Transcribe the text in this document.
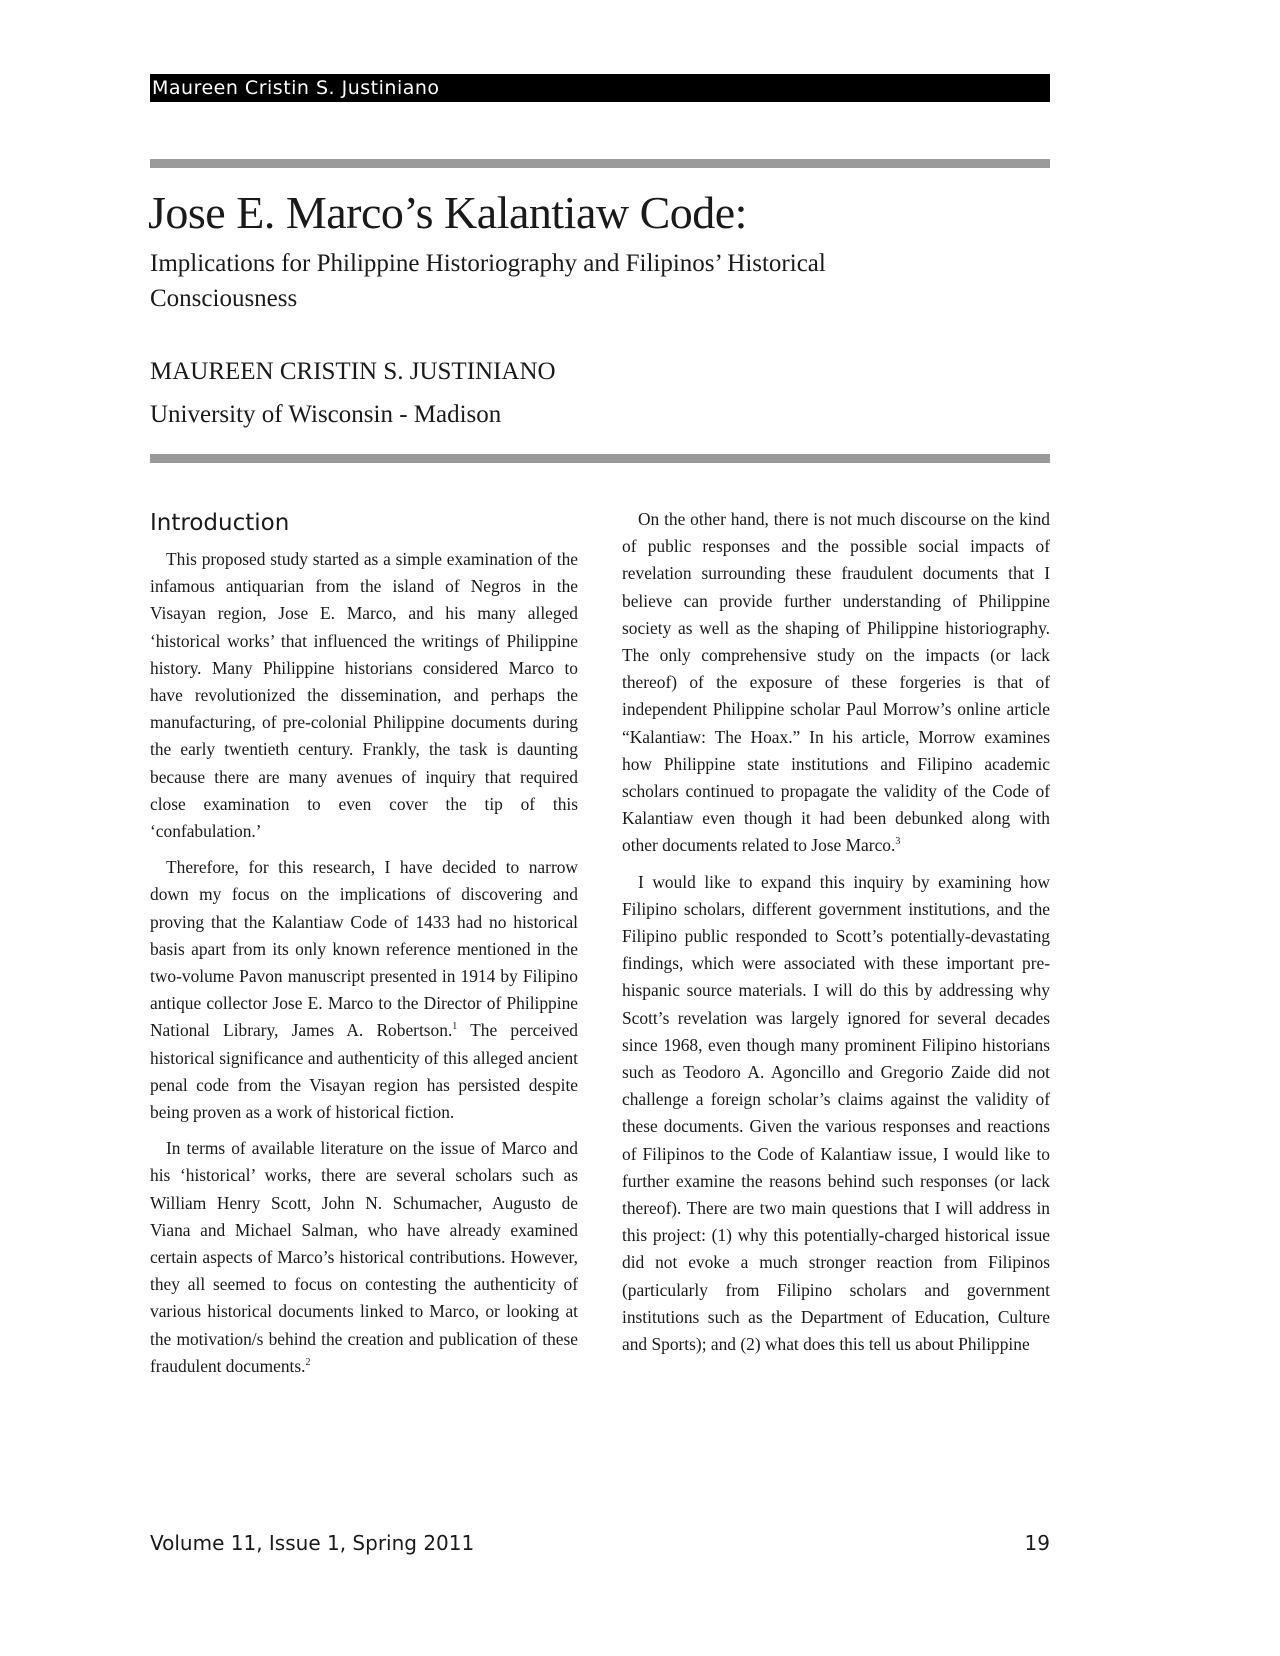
Maureen Cristin S. Justiniano
Jose E. Marco’s Kalantiaw Code:
Implications for Philippine Historiography and Filipinos’ Historical Consciousness
MAUREEN CRISTIN S. JUSTINIANO
University of Wisconsin - Madison
Introduction

This proposed study started as a simple examination of the infamous antiquarian from the island of Negros in the Visayan region, Jose E. Marco, and his many alleged ‘historical works’ that influenced the writings of Philippine history. Many Philippine historians considered Marco to have revolutionized the dissemination, and perhaps the manufacturing, of pre-colonial Philippine documents during the early twentieth century. Frankly, the task is daunting because there are many avenues of inquiry that required close examination to even cover the tip of this ‘confabulation.’

Therefore, for this research, I have decided to narrow down my focus on the implications of discovering and proving that the Kalantiaw Code of 1433 had no historical basis apart from its only known reference mentioned in the two-volume Pavon manuscript presented in 1914 by Filipino antique collector Jose E. Marco to the Director of Philippine National Library, James A. Robertson.$^1$ The perceived historical significance and authenticity of this alleged ancient penal code from the Visayan region has persisted despite being proven as a work of historical fiction.

In terms of available literature on the issue of Marco and his ‘historical’ works, there are several scholars such as William Henry Scott, John N. Schumacher, Augusto de Viana and Michael Salman, who have already examined certain aspects of Marco’s historical contributions. However, they all seemed to focus on contesting the authenticity of various historical documents linked to Marco, or looking at the motivation/s behind the creation and publication of these fraudulent documents.$^2$

On the other hand, there is not much discourse on the kind of public responses and the possible social impacts of revelation surrounding these fraudulent documents that I believe can provide further understanding of Philippine society as well as the shaping of Philippine historiography. The only comprehensive study on the impacts (or lack thereof) of the exposure of these forgeries is that of independent Philippine scholar Paul Morrow’s online article “Kalantiaw: The Hoax.” In his article, Morrow examines how Philippine state institutions and Filipino academic scholars continued to propagate the validity of the Code of Kalantiaw even though it had been debunked along with other documents related to Jose Marco.$^3$

I would like to expand this inquiry by examining how Filipino scholars, different government institutions, and the Filipino public responded to Scott’s potentially-devastating findings, which were associated with these important pre-hispanic source materials. I will do this by addressing why Scott’s revelation was largely ignored for several decades since 1968, even though many prominent Filipino historians such as Teodoro A. Agoncillo and Gregorio Zaide did not challenge a foreign scholar’s claims against the validity of these documents. Given the various responses and reactions of Filipinos to the Code of Kalantiaw issue, I would like to further examine the reasons behind such responses (or lack thereof). There are two main questions that I will address in this project: (1) why this potentially-charged historical issue did not evoke a much stronger reaction from Filipinos (particularly from Filipino scholars and government institutions such as the Department of Education, Culture and Sports); and (2) what does this tell us about Philippine

Volume 11, Issue 1, Spring 2011	19
